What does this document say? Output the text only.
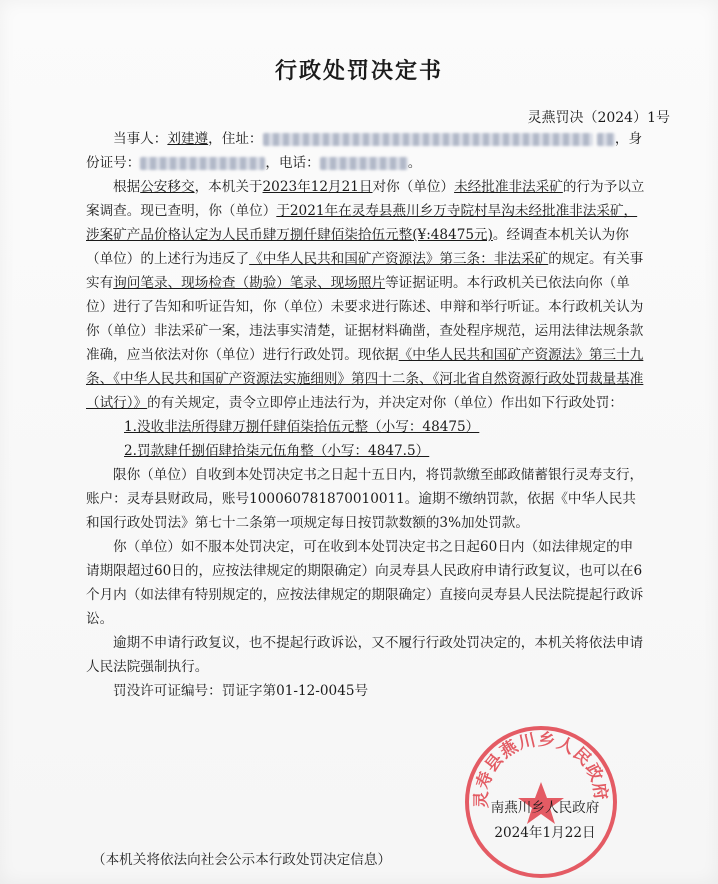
行政处罚决定书
灵燕罚决（2024）1号

当事人：刘建遵，住址：	，身份证号：	，电话：	。

根据公安移交，本机关于2023年12月21日对你（单位）未经批准非法采矿的行为予以立案调查。现已查明，你（单位）于2021年在灵寿县燕川乡万寺院村旱沟未经批准非法采矿，涉案矿产品价格认定为人民币肆万捌仟肆佰柒拾伍元整(¥:48475元)。经调查本机关认为你（单位）的上述行为违反了《中华人民共和国矿产资源法》第三条：非法采矿的规定。有关事实有询问笔录、现场检查（勘验）笔录、现场照片等证据证明。本行政机关已依法向你（单位）进行了告知和听证告知，你（单位）未要求进行陈述、申辩和举行听证。本行政机关认为你（单位）非法采矿一案，违法事实清楚，证据材料确凿，查处程序规范，运用法律法规条款准确，应当依法对你（单位）进行行政处罚。现依据《中华人民共和国矿产资源法》第三十九条、《中华人民共和国矿产资源法实施细则》第四十二条、《河北省自然资源行政处罚裁量基准（试行）》的有关规定，责令立即停止违法行为，并决定对你（单位）作出如下行政处罚：

1.没收非法所得肆万捌仟肆佰柒拾伍元整（小写：48475）

2.罚款肆仟捌佰肆拾柒元伍角整（小写：4847.5）

限你（单位）自收到本处罚决定书之日起十五日内，将罚款缴至邮政储蓄银行灵寿支行，账户：灵寿县财政局，账号100060781870010011。逾期不缴纳罚款，依据《中华人民共和国行政处罚法》第七十二条第一项规定每日按罚款数额的3%加处罚款。

你（单位）如不服本处罚决定，可在收到本处罚决定书之日起60日内（如法律规定的申请期限超过60日的，应按法律规定的期限确定）向灵寿县人民政府申请行政复议，也可以在6个月内（如法律有特别规定的，应按法律规定的期限确定）直接向灵寿县人民法院提起行政诉讼。

逾期不申请行政复议，也不提起行政诉讼，又不履行行政处罚决定的，本机关将依法申请人民法院强制执行。

罚没许可证编号：罚证字第01-12-0045号

灵寿县燕川乡人民政府
南燕川乡人民政府
2024年1月22日
（本机关将依法向社会公示本行政处罚决定信息）
